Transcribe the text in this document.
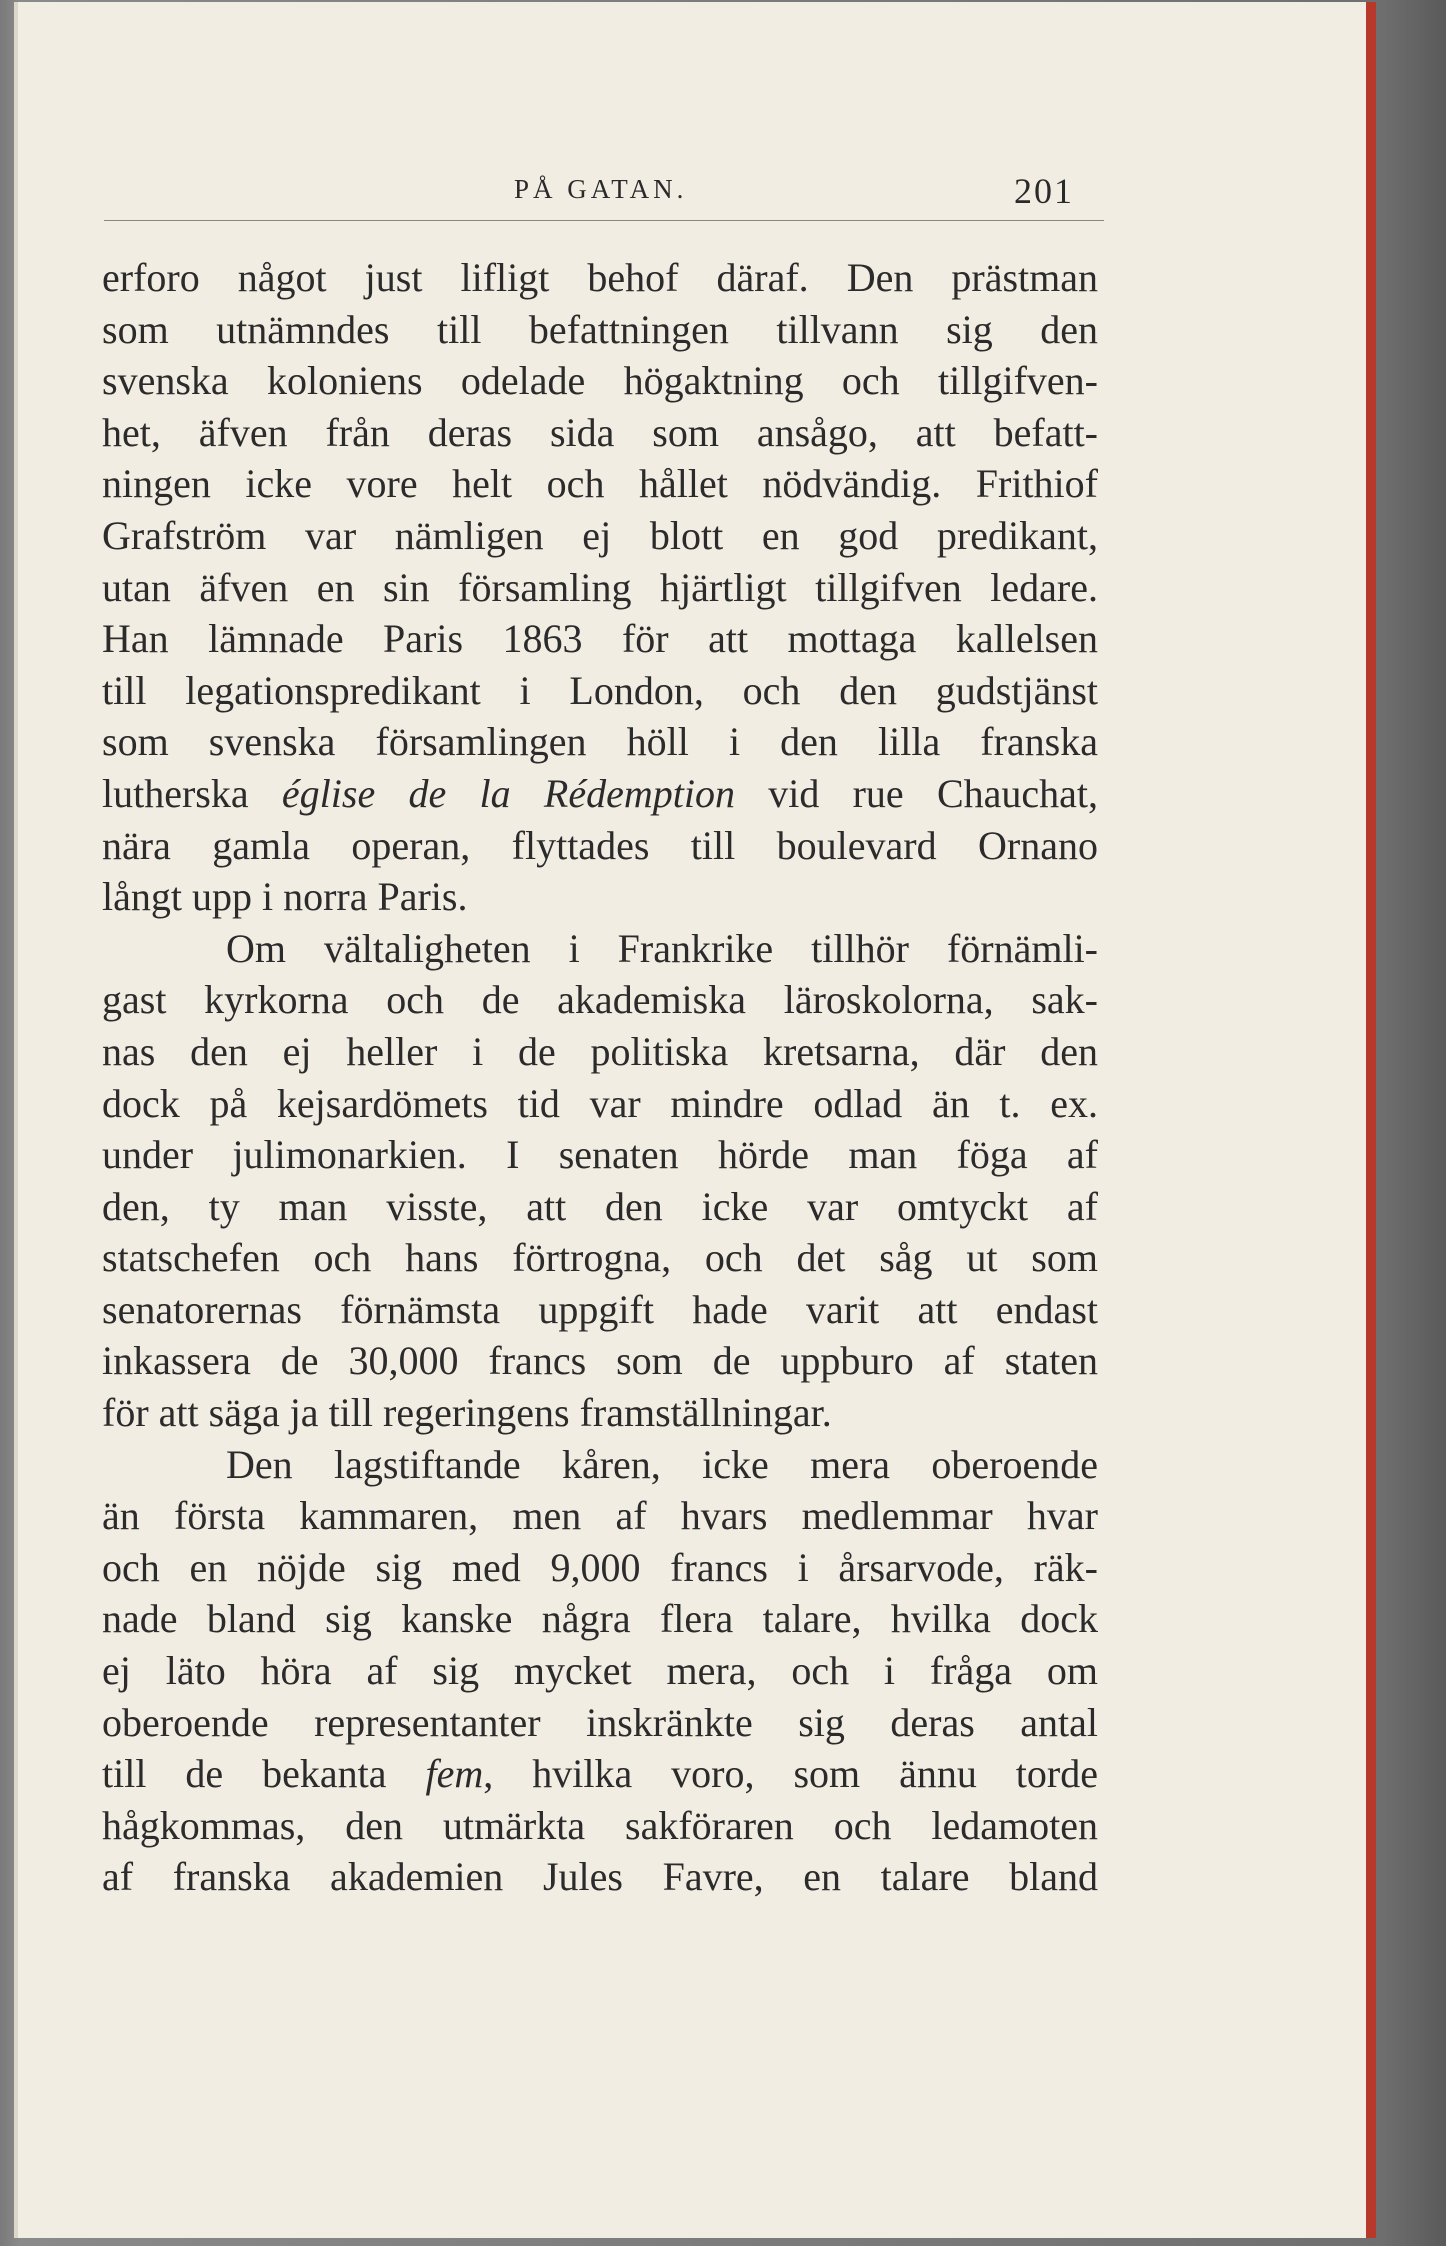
PÅ GATAN.	201
erforo något just lifligt behof däraf. Den prästman
som utnämndes till befattningen tillvann sig den
svenska koloniens odelade högaktning och tillgifven-
het, äfven från deras sida som ansågo, att befatt-
ningen icke vore helt och hållet nödvändig. Frithiof
Grafström var nämligen ej blott en god predikant,
utan äfven en sin församling hjärtligt tillgifven ledare.
Han lämnade Paris 1863 för att mottaga kallelsen
till legationspredikant i London, och den gudstjänst
som svenska församlingen höll i den lilla franska
lutherska église de la Rédemption vid rue Chauchat,
nära gamla operan, flyttades till boulevard Ornano
långt upp i norra Paris.
Om vältaligheten i Frankrike tillhör förnämli-
gast kyrkorna och de akademiska läroskolorna, sak-
nas den ej heller i de politiska kretsarna, där den
dock på kejsardömets tid var mindre odlad än t. ex.
under julimonarkien. I senaten hörde man föga af
den, ty man visste, att den icke var omtyckt af
statschefen och hans förtrogna, och det såg ut som
senatorernas förnämsta uppgift hade varit att endast
inkassera de 30,000 francs som de uppburo af staten
för att säga ja till regeringens framställningar.
Den lagstiftande kåren, icke mera oberoende
än första kammaren, men af hvars medlemmar hvar
och en nöjde sig med 9,000 francs i årsarvode, räk-
nade bland sig kanske några flera talare, hvilka dock
ej läto höra af sig mycket mera, och i fråga om
oberoende representanter inskränkte sig deras antal
till de bekanta fem, hvilka voro, som ännu torde
hågkommas, den utmärkta sakföraren och ledamoten
af franska akademien Jules Favre, en talare bland
